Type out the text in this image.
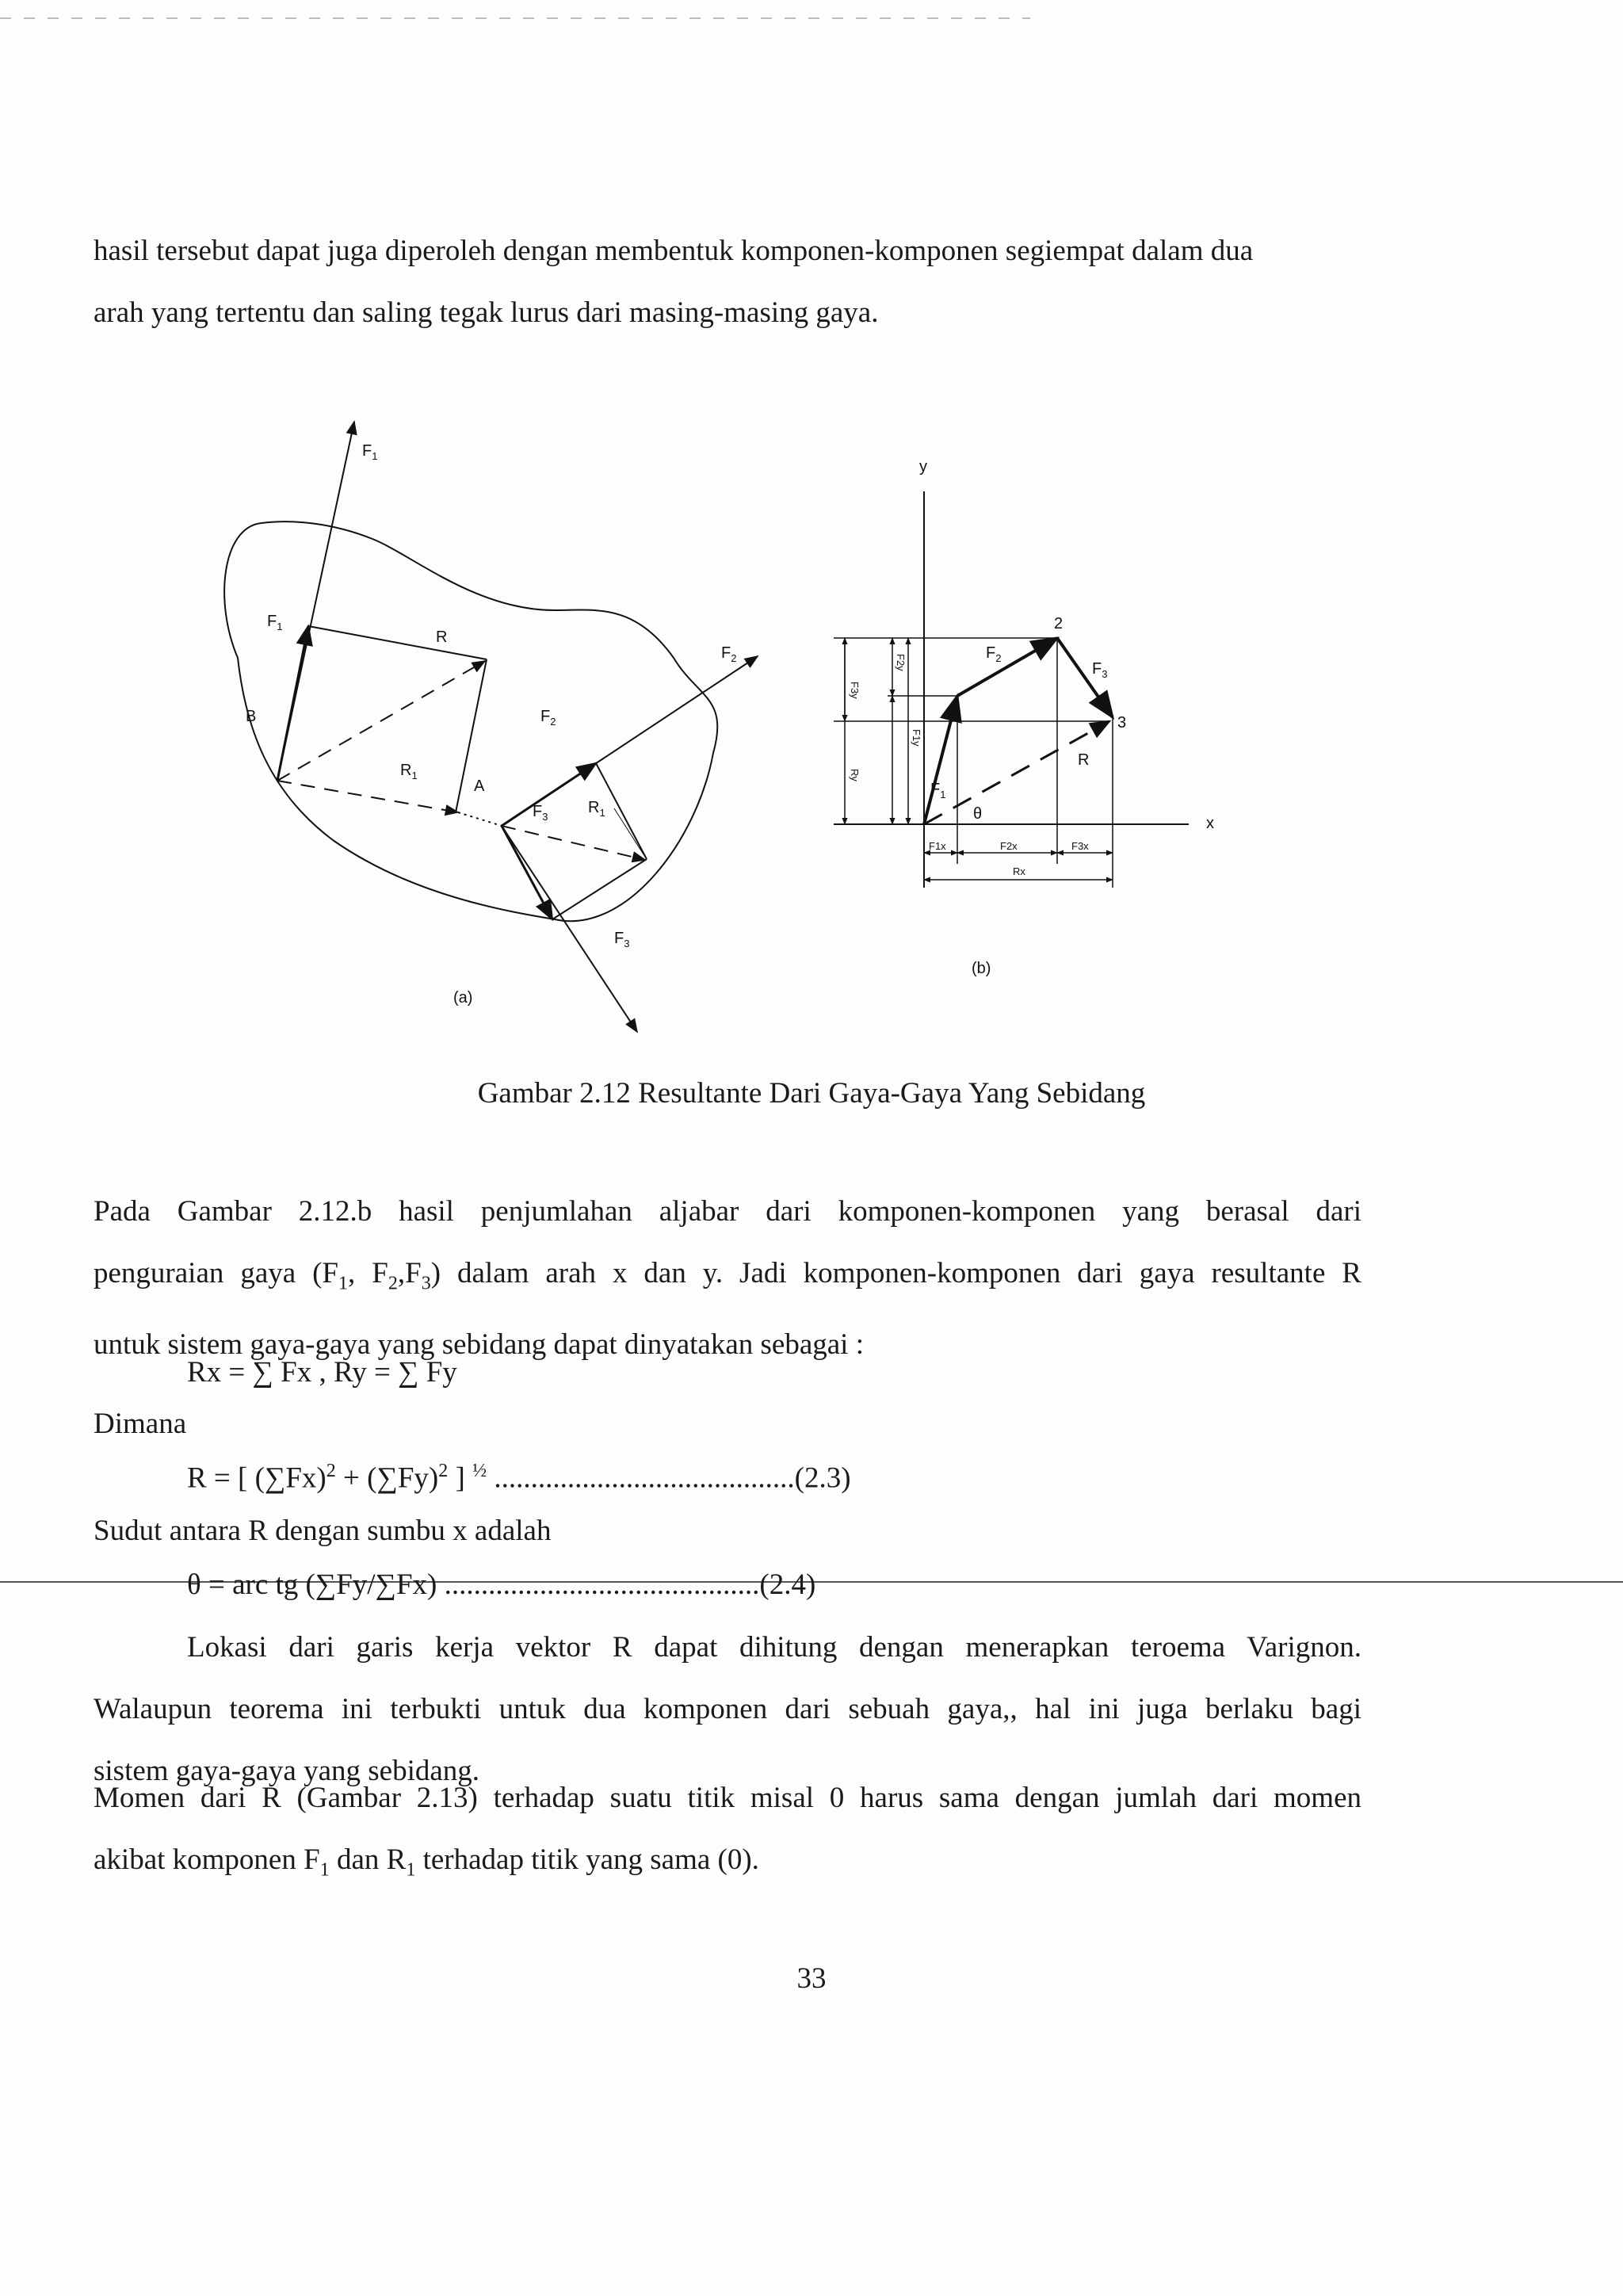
hasil tersebut dapat juga diperoleh dengan membentuk komponen-komponen segiempat dalam dua
arah yang tertentu dan saling tegak lurus dari masing-masing gaya.

$F_1$
$F_1$
R
B
$R_1$
A
$F_2$
$F_2$
$F_3$
$R_1$
$F_3$
(a)
y
x
2
3
R
θ
$F_1$
$F_2$
$F_3$
F3y
Ry
F2y
F1y
F1x	F2x	F3x
Rx
(b)
Gambar 2.12 Resultante Dari Gaya-Gaya Yang Sebidang

Pada Gambar 2.12.b hasil penjumlahan aljabar dari komponen-komponen yang berasal dari
penguraian gaya ($F_1$, $F_2,F_3$) dalam arah x dan y. Jadi komponen-komponen dari gaya resultante R
untuk sistem gaya-gaya yang sebidang dapat dinyatakan sebagai :

Rx = ∑ Fx , Ry = ∑ Fy
Dimana
R = [ $(\sum Fx)^2 + (\sum Fy)^2$ ] $^{\frac{1}{2}}$ .........................................(2.3)
Sudut antara R dengan sumbu x adalah
θ = arc tg (∑Fy/∑Fx) ...........................................(2.4)

Lokasi dari garis kerja vektor R dapat dihitung dengan menerapkan teroema Varignon.
Walaupun teorema ini terbukti untuk dua komponen dari sebuah gaya,, hal ini juga berlaku bagi
sistem gaya-gaya yang sebidang.

Momen dari R (Gambar 2.13) terhadap suatu titik misal 0 harus sama dengan jumlah dari momen
akibat komponen $F_1$ dan $R_1$ terhadap titik yang sama (0).

33
